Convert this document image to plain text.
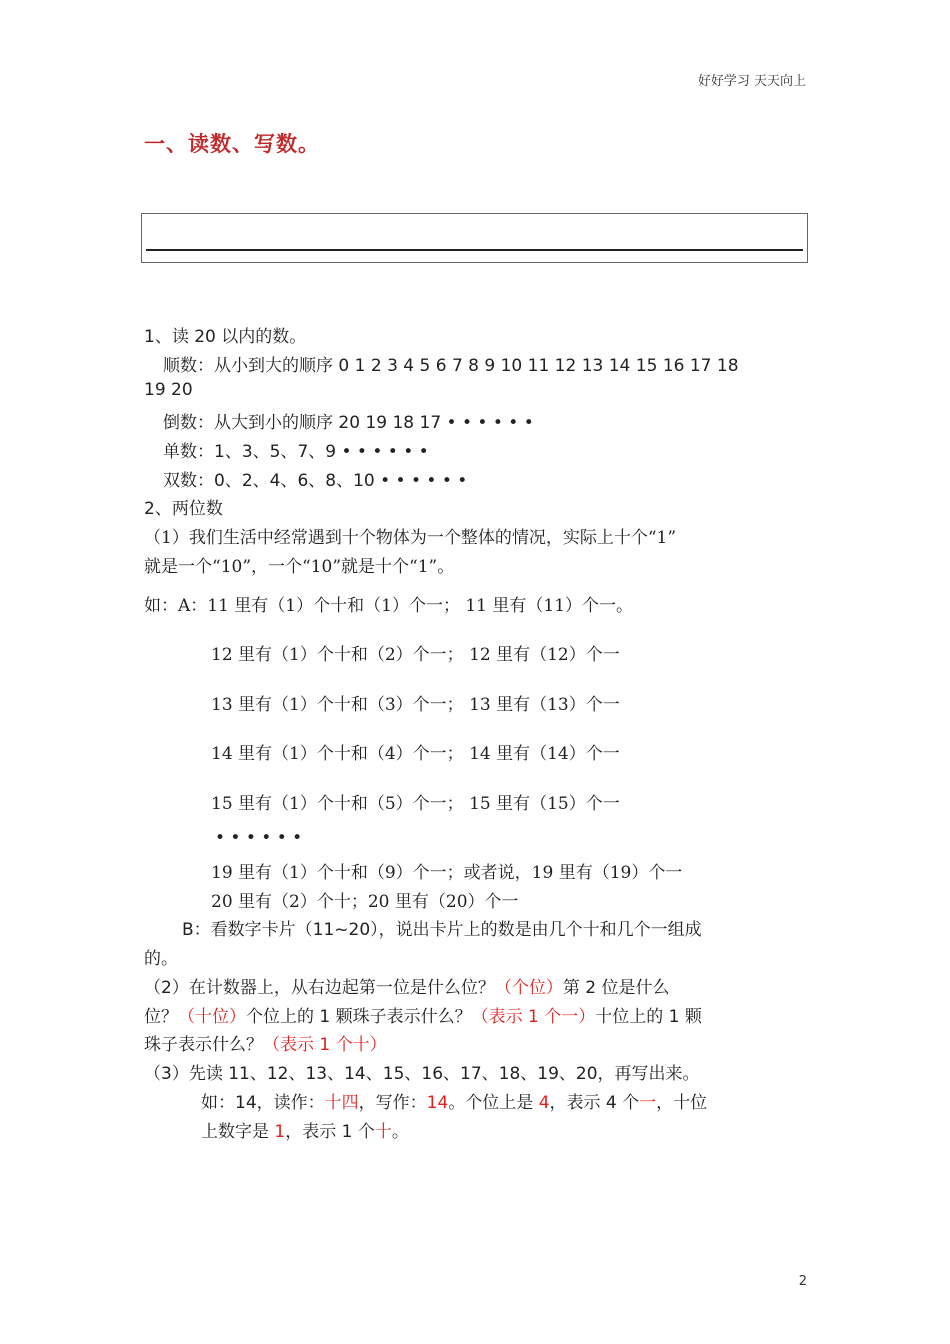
好好学习 天天向上
一、读数、写数。
1、读 20 以内的数。
顺数：从小到大的顺序 0 1 2 3 4 5 6 7 8 9 10 11 12 13 14 15 16 17 18
19 20
倒数：从大到小的顺序 20 19 18 17 • • • • • •
单数：1、3、5、7、9 • • • • • •
双数：0、2、4、6、8、10 • • • • • •
2、两位数
（1）我们生活中经常遇到十个物体为一个整体的情况，实际上十个“1”
就是一个“10”，一个“10”就是十个“1”。
如：A：11 里有（1）个十和（1）个一； 11 里有（11）个一。
12 里有（1）个十和（2）个一； 12 里有（12）个一
13 里有（1）个十和（3）个一； 13 里有（13）个一
14 里有（1）个十和（4）个一； 14 里有（14）个一
15 里有（1）个十和（5）个一； 15 里有（15）个一
• • • • • •
19 里有（1）个十和（9）个一；或者说，19 里有（19）个一
20 里有（2）个十；20 里有（20）个一
B：看数字卡片（11~20），说出卡片上的数是由几个十和几个一组成
的。
（2）在计数器上，从右边起第一位是什么位？（个位）第 2 位是什么
位？（十位）个位上的 1 颗珠子表示什么？（表示 1 个一）十位上的 1 颗
珠子表示什么？（表示 1 个十）
（3）先读 11、12、13、14、15、16、17、18、19、20，再写出来。
如：14，读作：十四，写作：14。个位上是 4，表示 4 个一，十位
上数字是 1，表示 1 个十。
2
